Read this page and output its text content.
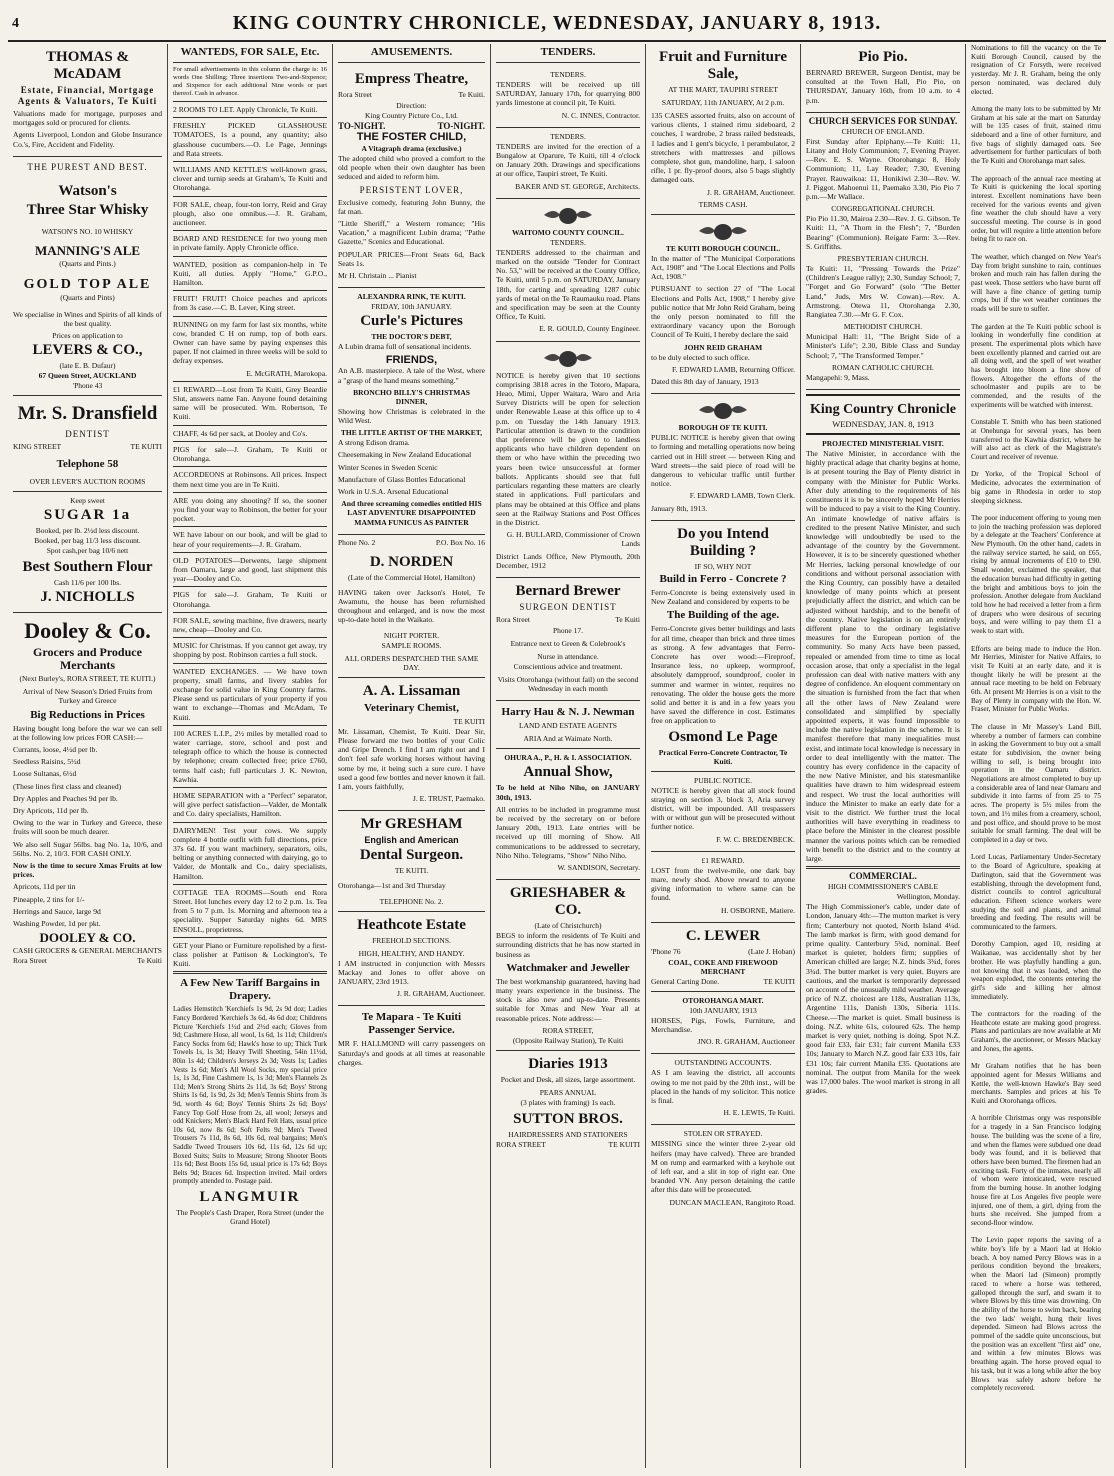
4	KING COUNTRY CHRONICLE, WEDNESDAY, JANUARY 8, 1913.
THOMAS & McADAM
Estate, Financial, Mortgage Agents & Valuators, Te Kuiti

Valuations made for mortgage, purposes and mortgages sold or procured for clients.

Agents Liverpool, London and Globe Insurance Co.'s, Fire, Accident and Fidelity.

THE PUREST AND BEST.
Watson's
Three Star Whisky
WATSON'S NO. 10 WHISKY
MANNING'S ALE
(Quarts and Pints.)
GOLD TOP ALE
(Quarts and Pints)

We specialise in Wines and Spirits of all kinds of the best quality.

Prices on application to
LEVERS & CO.,
(late E. B. Dufaur)
67 Queen Street, AUCKLAND
'Phone 43
Mr. S. Dransfield
DENTIST
KING STREET	TE KUITI
Telephone 58
OVER LEVER'S AUCTION ROOMS
Keep sweet
SUGAR 1a
Booked, per lb. 2½d less discount.
Booked, per bag 11/3 less discount.
Spot cash,per bag 10/6 nett
Best Southern Flour
Cash 11/6 per 100 lbs.
J. NICHOLLS
Dooley & Co.
Grocers and Produce Merchants
(Next Burley's, RORA STREET, TE KUITI.)

Arrival of New Season's Dried Fruits from Turkey and Greece

Big Reductions in Prices

Having bought long before the war we can sell at the following low prices FOR CASH:—

Currants, loose, 4½d per lb.

Seedless Raisins, 5½d

Loose Sultanas, 6½d

(These lines first class and cleaned)

Dry Apples and Peaches 9d per lb.

Dry Apricots, 11d per lb.

Owing to the war in Turkey and Greece, these fruits will soon be much dearer.

We also sell Sugar 56lbs. bag No. 1a, 10/6, and 56lbs. No. 2, 10/3. FOR CASH ONLY.

Now is the time to secure Xmas Fruits at low prices.

Apricots, 11d per tin

Pineapple, 2 tins for 1/-

Herrings and Sauce, large 9d

Washing Powder, 1d per pkt.

DOOLEY & CO.
CASH GROCERS & GENERAL MERCHANTS
Rora Street	Te Kuiti
WANTEDS, FOR SALE, Etc.

For small advertisements in this column the charge is: 16 words One Shilling; Three insertions Two-and-Sixpence; and Sixpence for each additional Nine words or part thereof. Cash in advance.

2 ROOMS TO LET. Apply Chronicle, Te Kuiti.

FRESHLY PICKED GLASSHOUSE TOMATOES, 1s a pound, any quantity; also glasshouse cucumbers.—O. Le Page, Jennings and Rata streets.

WILLIAMS AND KETTLE'S well-known grass, clover and turnip seeds at Graham's, Te Kuiti and Otorohanga.

FOR SALE, cheap, four-ton lorry, Reid and Gray plough, also one omnibus.—J. R. Graham, auctioneer.

BOARD AND RESIDENCE for two young men in private family. Apply Chronicle office.

WANTED, position as companion-help in Te Kuiti, all duties. Apply "Home," G.P.O., Hamilton.

FRUIT! FRUIT! Choice peaches and apricots from 3s case.—C. B. Lever, King street.

RUNNING on my farm for last six months, white cow, branded C H on rump, top of both ears. Owner can have same by paying expenses this paper. If not claimed in three weeks will be sold to defray expenses.

E. McGRATH, Marokopa.

£1 REWARD—Lost from Te Kuiti, Grey Beardie Slut, answers name Fan. Anyone found detaining same will be prosecuted. Wm. Robertson, Te Kuiti.

CHAFF, 4s 6d per sack, at Dooley and Co's.

PIGS for sale—J. Graham, Te Kuiti or Otorohanga.

ACCORDEONS at Robinsons. All prices. Inspect them next time you are in Te Kuiti.

ARE you doing any shooting? If so, the sooner you find your way to Robinson, the better for your pocket.

WE have labour on our book, and will be glad to hear of your requirements—J. R. Graham.

OLD POTATOES—Derwents, large shipment from Oamaru, large and good, last shipment this year—Dooley and Co.

PIGS for sale—J. Graham, Te Kuiti or Otorohanga.

FOR SALE, sewing machine, five drawers, nearly new, cheap—Dooley and Co.

MUSIC for Christmas. If you cannot get away, try shopping by post. Robinson carries a full stock.

WANTED EXCHANGES. — We have town property, small farms, and livery stables for exchange for solid value in King Country farms. Please send us particulars of your property if you want to exchange—Thomas and McAdam, Te Kuiti.

100 ACRES L.I.P., 2½ miles by metalled road to water carriage, store, school and post and telegraph office to which the house is connected by telephone; cream collected free; price £760, terms half cash; full particulars J. K. Newton, Kawhia.

HOME SEPARATION with a "Perfect" separator, will give perfect satisfaction—Valder, de Montalk and Co. dairy specialists, Hamilton.

DAIRYMEN! Test your cows. We supply complete 4 bottle outfit with full directions, price 37s 6d. If you want machinery, separators, oils, belting or anything connected with dairying, go to Valder, de Montalk and Co., dairy specialists, Hamilton.

COTTAGE TEA ROOMS—South end Rora Street. Hot lunches every day 12 to 2 p.m. 1s. Tea from 5 to 7 p.m. 1s. Morning and afternoon tea a speciality. Supper Saturday nights 6d. MRS ENSOLL, proprietress.

GET your Piano or Furniture repolished by a first-class polisher at Pattison & Lockington's, Te Kuiti.

A Few New Tariff Bargains in Drapery.

Ladies Hemstitch 'Kerchiefs 1s 9d, 2s 9d doz; Ladies Fancy Bordered 'Kerchiefs 3s 6d, 4s 6d doz; Childrens Picture 'Kerchiefs 1½d and 2½d each; Gloves from 9d; Cashmere Hose, all wool, 1s 6d, 1s 11d; Children's Fancy Socks from 6d; Hawk's hose to up; Thick Turk Towels 1s, 1s 3d; Heavy Twill Sheeting, 54in 11½d, 80in 1s 4d; Children's Jerseys 2s 3d; Vests 1s; Ladies Vests 1s 6d; Men's All Wool Socks, my special price 1s, 1s 3d, Fine Cashmere 1s, 1s 3d; Men's Flannels 2s 11d; Men's Strong Shirts 2s 11d, 3s 6d; Boys' Strong Shirts 1s 6d, 1s 9d, 2s 3d; Men's Tennis Shirts from 3s 9d, worth 4s 6d; Boys' Tennis Shirts 2s 6d; Boys' Fancy Top Golf Hose from 2s, all wool; Jerseys and odd Knickers; Men's Black Hard Felt Hats, usual price 10s 6d, now 8s 6d; Soft Felts 9d; Men's Tweed Trousers 7s 11d, 8s 6d, 10s 6d, real bargains; Men's Saddle Tweed Trousers 10s 6d, 11s 6d, 12s 6d up; Boxed Suits; Suits to Measure; Strong Shooter Boots 11s 6d; Best Boots 15s 6d, usual price is 17s 6d; Boys Belts 9d; Braces 6d. Inspection invited. Mail orders promptly attended to. Postage paid.

LANGMUIR
The People's Cash Draper, Rora Street (under the Grand Hotel)
AMUSEMENTS.
Empress Theatre,
Rora Street	Te Kuiti.
Direction:
King Country Picture Co., Ltd.
TO-NIGHT.	TO-NIGHT.
THE FOSTER CHILD,
A Vitagraph drama (exclusive.)

The adopted child who proved a comfort to the old people when their own daughter has been seduced and aided to reform him.

PERSISTENT LOVER,

Exclusive comedy, featuring John Bunny, the fat man.

"Little Sheriff," a Western romance; "His Vacation," a magnificent Lubin drama; "Pathe Gazette," Scenics and Educational.

POPULAR PRICES—Front Seats 6d, Back Seats 1s.

Mr H. Christain ... Pianist

ALEXANDRA RINK, TE KUITI.
FRIDAY, 10th JANUARY.
Curle's Pictures
THE DOCTOR'S DEBT,

A Lubin drama full of sensational incidents.

FRIENDS,

An A.B. masterpiece. A tale of the West, where a "grasp of the hand means something."

BRONCHO BILLY'S CHRISTMAS DINNER,

Showing how Christmas is celebrated in the Wild West.

THE LITTLE ARTIST OF THE MARKET,

A strong Edison drama.

Cheesemaking in New Zealand Educational

Winter Scenes in Sweden Scenic

Manufacture of Glass Bottles Educational

Work in U.S.A. Arsenal Educational

And three screaming comedies entitled HIS LAST ADVENTURE DISAPPOINTED MAMMA FUNICUS AS PAINTER

Phone No. 2	P.O. Box No. 16
D. NORDEN
(Late of the Commercial Hotel, Hamilton)

HAVING taken over Jackson's Hotel, Te Awamutu, the house has been refurnished throughout and enlarged, and is now the most up-to-date hotel in the Waikato.

NIGHT PORTER.
SAMPLE ROOMS.
ALL ORDERS DESPATCHED THE SAME DAY.
A. A. Lissaman
Veterinary Chemist,
TE KUITI

Mr. Lissaman, Chemist, Te Kuiti. Dear Sir, Please forward me two bottles of your Colic and Gripe Drench. I find I am right out and I don't feel safe working horses without having some by me, it being such a sure cure. I have used a good few bottles and never known it fail. I am, yours faithfully,

J. E. TRUST, Paemako.

Mr GRESHAM
English and American
Dental Surgeon.
TE KUITI.

Otorohanga—1st and 3rd Thursday

TELEPHONE No. 2.
Heathcote Estate
FREEHOLD SECTIONS.
HIGH, HEALTHY, AND HANDY.

I AM instructed in conjunction with Messrs Mackay and Jones to offer above on JANUARY, 23rd 1913.

J. R. GRAHAM, Auctioneer.

Te Mapara - Te Kuiti Passenger Service.

MR F. HALLMOND will carry passengers on Saturday's and goods at all times at reasonable charges.

TENDERS.
TENDERS.

TENDERS will be received up till SATURDAY, January 17th, for quarrying 800 yards limestone at council pit, Te Kuiti.

N. C. INNES, Contractor.

TENDERS.

TENDERS are invited for the erection of a Bungalow at Oparure, Te Kuiti, till 4 o'clock on January 20th. Drawings and specifications at our office, Taupiri street, Te Kuiti.

BAKER AND ST. GEORGE, Architects.

WAITOMO COUNTY COUNCIL.
TENDERS.

TENDERS addressed to the chairman and marked on the outside "Tender for Contract No. 53," will be received at the County Office, Te Kuiti, until 5 p.m. on SATURDAY, January 18th, for carting and spreading 1287 cubic yards of metal on the Te Raumauku road. Plans and specification may be seen at the County Office, Te Kuiti.

E. R. GOULD, County Engineer.

NOTICE is hereby given that 10 sections comprising 3818 acres in the Totoro, Mapara, Heao, Mimi, Upper Waitara, Waro and Aria Survey Districts will be open for selection under Renewable Lease at this office up to 4 p.m. on Tuesday the 14th January 1913. Particular attention is drawn to the condition that preference will be given to landless applicants who have children dependent on them or who have within the preceding two years been twice unsuccessful at former ballots. Applicants should see that full particulars regarding these matters are clearly stated in applications. Full particulars and plans may be obtained at this Office and plans seen at the Railway Stations and Post Offices in the District.

G. H. BULLARD, Commissioner of Crown Lands

District Lands Office, New Plymouth, 20th December, 1912

Bernard Brewer
SURGEON DENTIST
Rora Street	Te Kuiti
Phone 17.
Entrance next to Green & Colebrook's
Nurse in attendance.
Conscientious advice and treatment.

Visits Otorohanga (without fail) on the second Wednesday in each month

Harry Hau & N. J. Newman
LAND AND ESTATE AGENTS
ARIA And at Waimate North.
OHURA A., P., H. & I. ASSOCIATION.
Annual Show,

To be held at Niho Niho, on JANUARY 30th, 1913.

All entries to be included in programme must be received by the secretary on or before January 20th, 1913. Late entries will be received up till morning of Show. All communications to be addressed to secretary, Niho Niho. Telegrams, "Show" Niho Niho.

W. SANDISON, Secretary.

GRIESHABER & CO.
(Late of Christchurch)

BEGS to inform the residents of Te Kuiti and surrounding districts that he has now started in business as

Watchmaker and Jeweller

The best workmanship guaranteed, having had many years experience in the business. The stock is also new and up-to-date. Presents suitable for Xmas and New Year all at reasonable prices. Note address:—

RORA STREET,
(Opposite Railway Station), Te Kuiti
Diaries 1913

Pocket and Desk, all sizes, large assortment.

PEARS ANNUAL
(3 plates with framing) 1s each.
SUTTON BROS.
HAIRDRESSERS AND STATIONERS
RORA STREET	TE KUITI
Fruit and Furniture Sale,
AT THE MART, TAUPIRI STREET
SATURDAY, 11th JANUARY, At 2 p.m.

135 CASES assorted fruits, also on account of various clients, 1 stained rimu sideboard, 2 couches, 1 wardrobe, 2 brass railed bedsteads, 1 ladies and 1 gent's bicycle, 1 perambulator, 2 stretchers with mattresses and pillows complete, shot gun, mandoline, harp, 1 saloon rifle, 1 pr. fly-proof doors, also 5 bags slightly damaged oats.

J. R. GRAHAM, Auctioneer.

TERMS CASH.
TE KUITI BOROUGH COUNCIL.

In the matter of "The Municipal Corporations Act, 1908" and "The Local Elections and Polls Act, 1908."

PURSUANT to section 27 of "The Local Elections and Polls Act, 1908," I hereby give public notice that Mr John Reid Graham, being the only person nominated to fill the extraordinary vacancy upon the Borough Council of Te Kuiti, I hereby declare the said

JOHN REID GRAHAM

to be duly elected to such office.

F. EDWARD LAMB, Returning Officer.

Dated this 8th day of January, 1913

BOROUGH OF TE KUITI.

PUBLIC NOTICE is hereby given that owing to forming and metalling operations now being carried out in Hill street — between King and Ward streets—the said piece of road will be dangerous to vehicular traffic until further notice.

F. EDWARD LAMB, Town Clerk.

January 8th, 1913.

Do you Intend Building ?
IF SO, WHY NOT
Build in Ferro - Concrete ?

Ferro-Concrete is being extensively used in New Zealand and considered by experts to be

The Building of the age.

Ferro-Concrete gives better buildings and lasts for all time, cheaper than brick and three times as strong. A few advantages that Ferro-Concrete has over wood:—Fireproof, Insurance less, no upkeep, wormproof, absolutely dampproof, soundproof, cooler in summer and warmer in winter, requires no renovating. The older the house gets the more solid and better it is and in a few years you have saved the difference in cost. Estimates free on application to

Osmond Le Page
Practical Ferro-Concrete Contractor, Te Kuiti.
PUBLIC NOTICE.

NOTICE is hereby given that all stock found straying on section 3, block 3, Aria survey district, will be impounded. All trespassers with or without gun will be prosecuted without further notice.

F. W. C. BREDENBECK.

£1 REWARD.

LOST from the twelve-mile, one dark bay mare, newly shod. Above reward to anyone giving information to where same can be found.

H. OSBORNE, Matiere.

C. LEWER
'Phone 76	(Late J. Hoban)
COAL, COKE AND FIREWOOD MERCHANT
General Carting Done.	TE KUITI
OTOROHANGA MART.
10th JANUARY, 1913

HORSES, Pigs, Fowls, Furniture, and Merchandise.

JNO. R. GRAHAM, Auctioneer

OUTSTANDING ACCOUNTS.

AS I am leaving the district, all accounts owing to me not paid by the 20th inst., will be placed in the hands of my solicitor. This notice is final.

H. E. LEWIS, Te Kuiti.

STOLEN OR STRAYED.

MISSING since the winter three 2-year old heifers (may have calved). Three are branded M on rump and earmarked with a keyhole out of left ear, and a slit in top of right ear. One branded VN. Any person detaining the cattle after this date will be prosecuted.

DUNCAN MACLEAN, Rangitoto Road.

Pio Pio.

BERNARD BREWER, Surgeon Dentist, may be consulted at the Town Hall, Pio Pio, on THURSDAY, January 16th, from 10 a.m. to 4 p.m.

CHURCH SERVICES FOR SUNDAY.
CHURCH OF ENGLAND.

First Sunday after Epiphany.—Te Kuiti: 11, Litany and Holy Communion; 7, Evening Prayer.—Rev. E. S. Wayne. Otorohanga: 8, Holy Communion; 11, Lay Reader; 7.30, Evening Prayer. Rauwaikoa: 11, Honikiwi 2.30—Rev. W. J. Piggot. Mahoenui 11, Paemako 3.30, Pio Pio 7 p.m.—Mr Wallace.

CONGREGATIONAL CHURCH.

Pio Pio 11.30, Mairoa 2.30—Rev. J. G. Gibson. Te Kuiti: 11, "A Thorn in the Flesh"; 7, "Burden Bearing" (Communion). Reigate Farm: 3.—Rev. S. Griffiths.

PRESBYTERIAN CHURCH.

Te Kuiti: 11, "Pressing Towards the Prize" (Children's League rally); 2.30, Sunday School; 7, "Forget and Go Forward" (solo "The Better Land," Juds, Mrs W. Cowan).—Rev. A. Armstrong. Otewa 11, Otorohanga 2.30, Rangiatea 7.30.—Mr G. F. Cox.

METHODIST CHURCH.

Municipal Hall: 11, "The Bright Side of a Minister's Life"; 2.30, Bible Class and Sunday School; 7, "The Transformed Temper."

ROMAN CATHOLIC CHURCH.

Mangapehi: 9, Mass.

King Country Chronicle
WEDNESDAY, JAN. 8, 1913
PROJECTED MINISTERIAL VISIT.

The Native Minister, in accordance with the highly practical adage that charity begins at home, is at present touring the Bay of Plenty district in company with the Minister for Public Works. After duly attending to the requirements of his constituents it is to be sincerely hoped Mr Herries will be induced to pay a visit to the King Country. An intimate knowledge of native affairs is credited to the present Native Minister, and such knowledge will undoubtedly be used to the advantage of the country by the Government. However, it is to be sincerely questioned whether Mr Herries, lacking personal knowledge of our conditions and without personal association with the King Country, can possibly have a detailed knowledge of many points which at present prejudicially affect the district, and which can be adjusted without hardship, and to the benefit of the country. Native legislation is on an entirely different plane to the ordinary legislative measures for the European portion of the community. So many Acts have been passed, repealed or amended from time to time as local occasion arose, that only a specialist in the legal profession can deal with native matters with any degree of confidence. An eloquent commentary on the situation is furnished from the fact that when all the other laws of New Zealand were consolidated and simplified by specially appointed experts, it was found impossible to include the native legislation in the scheme. It is manifest therefore that many inequalities must exist, and intimate local knowledge is necessary in order to deal intelligently with the matter. The country has every confidence in the capacity of the new Native Minister, and his statesmanlike qualities have drawn to him widespread esteem and respect. We trust the local authorities will induce the Minister to make an early date for a visit to the district. We further trust the local authorities will have everything in readiness to place before the Minister in the clearest possible manner the various points which can be remedied with benefit to the district and to the country at large.

COMMERCIAL.
HIGH COMMISSIONER'S CABLE
Wellington, Monday.

The High Commissioner's cable, under date of London, January 4th:—The mutton market is very firm; Canterbury not quoted, North Island 4¼d. The lamb market is firm, with good demand for prime quality. Canterbury 5¾d, nominal. Beef market is quieter, holders firm; supplies of American chilled are large; N.Z. hinds 3¾d, fores 3¾d. The butter market is very quiet. Buyers are cautious, and the market is temporarily depressed on account of the unusually mild weather. Average price of N.Z. choicest are 118s, Australian 113s, Argentine 111s, Danish 130s, Siberia 111s. Cheese.—The market is quiet. Small business is doing. N.Z. white 61s, coloured 62s. The hemp market is very quiet, nothing is doing. Spot N.Z. good fair £33, fair £31; fair current Manila £33 10s; January to March N.Z. good fair £33 10s, fair £31 10s; fair current Manila £35. Quotations are nominal. The output from Manila for the week was 17,000 bales. The wool market is strong in all grades.

Nominations to fill the vacancy on the Te Kuiti Borough Council, caused by the resignation of Cr Forsyth, were received yesterday. Mr J. R. Graham, being the only person nominated, was declared duly elected.

Among the many lots to be submitted by Mr Graham at his sale at the mart on Saturday will be 135 cases of fruit, stained rimu sideboard and a line of other furniture, and five bags of slightly damaged oats. See advertisement for further particulars of both the Te Kuiti and Otorohanga mart sales.

The approach of the annual race meeting at Te Kuiti is quickening the local sporting interest. Excellent nominations have been received for the various events and given fine weather the club should have a very successful meeting. The course is in good order, but will require a little attention before being fit to race on.

The weather, which changed on New Year's Day from bright sunshine to rain, continues broken and much rain has fallen during the past week. Those settlers who have burnt off will have a fine chance of getting turnip crops, but if the wet weather continues the roads will be sure to suffer.

The garden at the Te Kuiti public school is looking in wonderfully fine condition at present. The experimental plots which have been excellently planned and carried out are all doing well, and the spell of wet weather has brought into bloom a fine show of flowers. Altogether the efforts of the schoolmaster and pupils are to be commended, and the results of the experiments will be watched with interest.

Constable T. Smith who has been stationed at Onehunga for several years, has been transferred to the Kawhia district, where he will also act as clerk of the Magistrate's Court and receiver of revenue.

Dr Yorke, of the Tropical School of Medicine, advocates the extermination of big game in Rhodesia in order to stop sleeping sickness.

The poor inducement offering to young men to join the teaching profession was deplored by a delegate at the Teachers' Conference at New Plymouth. On the other hand, cadets in the railway service started, he said, on £65, rising by annual increments of £10 to £90. Small wonder, exclaimed the speaker, that the education bureau had difficulty in getting the bright and ambitious boys to join the profession. Another delegate from Auckland told how he had received a letter from a firm of drapers who were desirous of securing boys, and were willing to pay them £1 a week to start with.

Efforts are being made to induce the Hon. Mr Herries, Minister for Native Affairs, to visit Te Kuiti at an early date, and it is thought likely he will be present at the annual race meeting to be held on February 6th. At present Mr Herries is on a visit to the Bay of Plenty in company with the Hon. W. Fraser, Minister for Public Works.

The clause in Mr Massey's Land Bill, whereby a number of farmers can combine in asking the Government to buy out a small estate for subdivision, the owner being willing to sell, is being brought into operation in the Oamaru district. Negotiations are almost completed to buy up a considerable area of land near Oamaru and subdivide it into farms of from 25 to 75 acres. The property is 5½ miles from the town, and 1½ miles from a creamery, school, and post office, and should prove to be most suitable for small farming. The deal will be completed in a day or two.

Lord Lucas, Parliamentary Under-Secretary to the Board of Agriculture, speaking at Darlington, said that the Government was establishing, through the development fund, district councils to control agricultural education. Fifteen science workers were studying the soil and plants, and animal breeding and feeding. The results will be communicated to the farmers.

Dorothy Campion, aged 10, residing at Waikanae, was accidentally shot by her brother. He was playfully handling a gun, not knowing that it was loaded, when the weapon exploded, the contents entering the girl's side and killing her almost immediately.

The contractors for the roading of the Heathcote estate are making good progress. Plans and particulars are now available at Mr Graham's, the auctioneer, or Messrs Mackay and Jones, the agents.

Mr Graham notifies that he has been appointed agent for Messrs Williams and Kettle, the well-known Hawke's Bay seed merchants. Samples and prices at his Te Kuiti and Otorohanga offices.

A horrible Christmas orgy was responsible for a tragedy in a San Francisco lodging house. The building was the scene of a fire, and when the flames were subdued one dead body was found, and it is believed that others have been burned. The firemen had an exciting task. Forty of the inmates, nearly all of whom were intoxicated, were rescued from the burning house. In another lodging house fire at Los Angeles five people were injured, one of them, a girl, dying from the hurts she received. She jumped from a second-floor window.

The Levin paper reports the saving of a white boy's life by a Maori lad at Hokio beach. A boy named Percy Blows was in a perilous condition beyond the breakers, when the Maori lad (Simeon) promptly raced to where a horse was tethered, galloped through the surf, and swam it to where Blows by this time was drowning. On the ability of the horse to swim back, bearing the two lads' weight, hung their lives depended. Simeon had Blows across the pommel of the saddle quite unconscious, but the position was an excellent "first aid" one, and within a few minutes Blows was breathing again. The horse proved equal to his task, but it was a long while after the boy Blows was safely ashore before he completely recovered.
